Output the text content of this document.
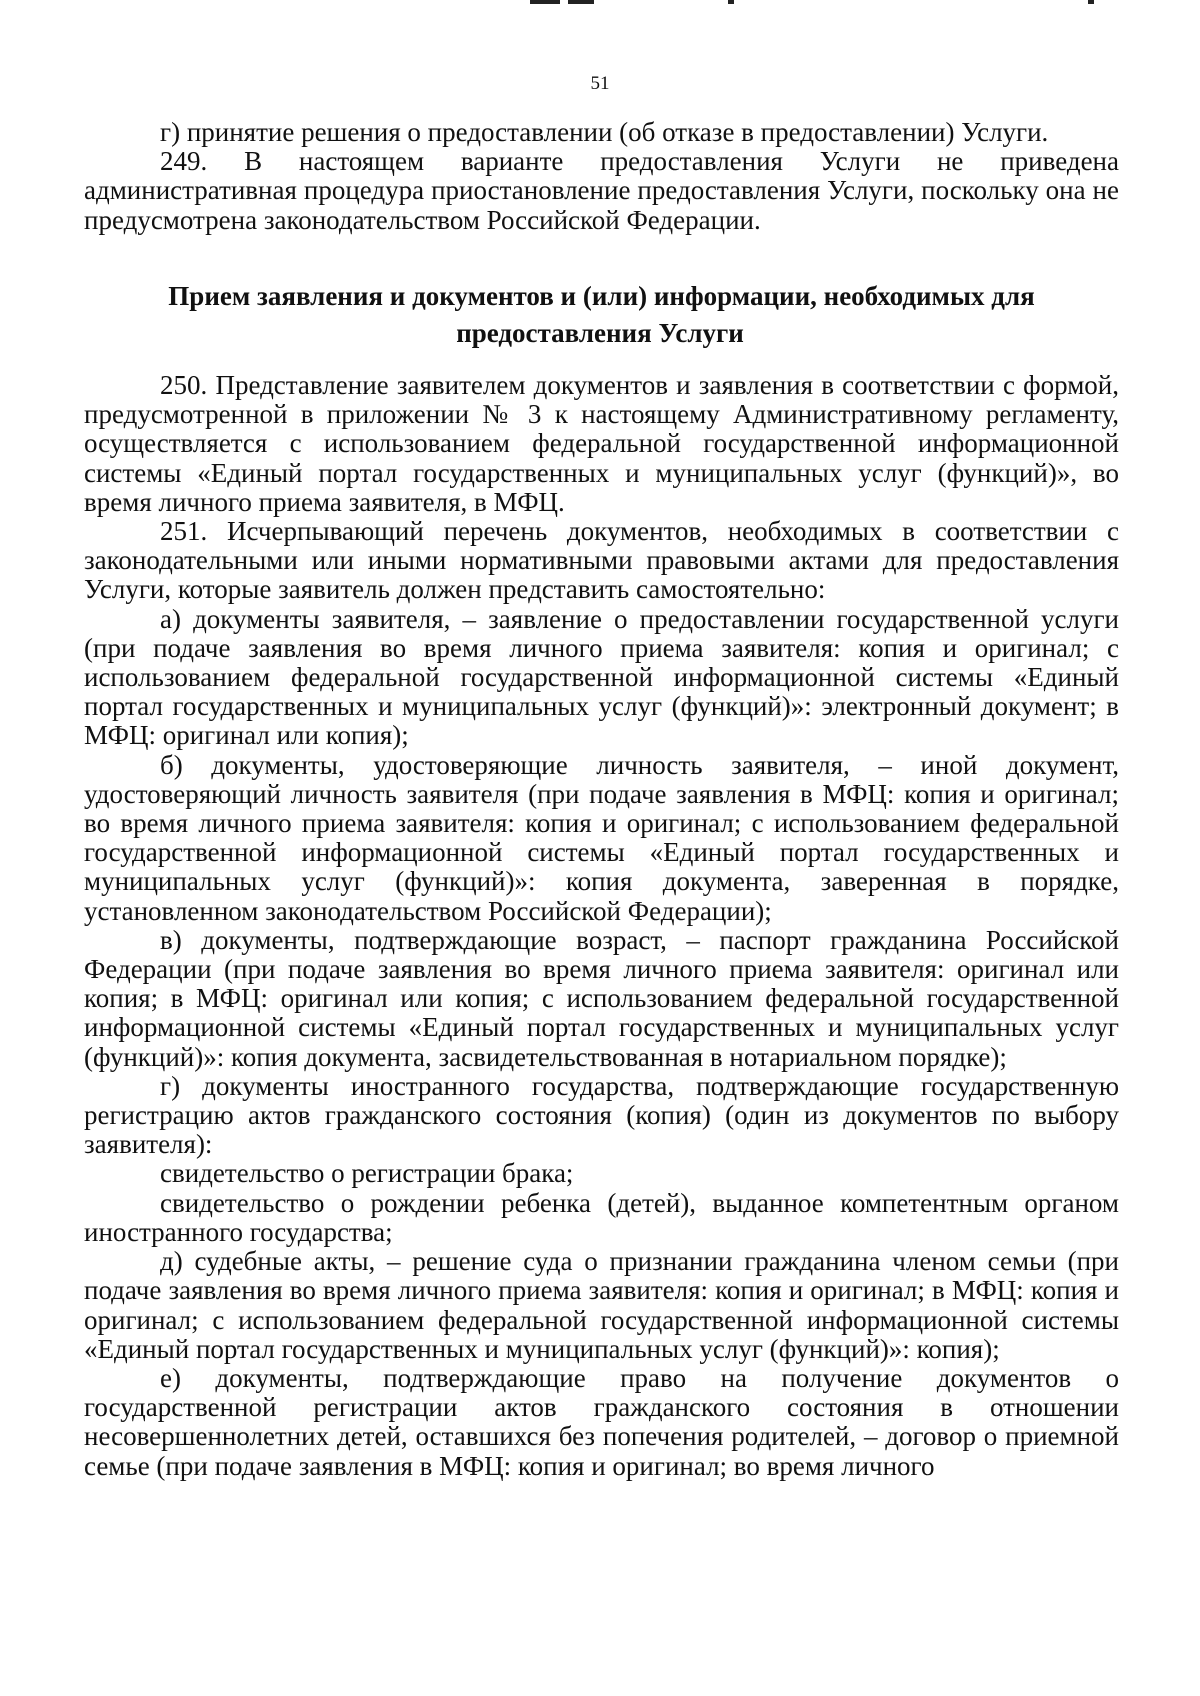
51

г) принятие решения о предоставлении (об отказе в предоставлении) Услуги.

249. В настоящем варианте предоставления Услуги не приведена административная процедура приостановление предоставления Услуги, поскольку она не предусмотрена законодательством Российской Федерации.

Прием заявления и документов и (или) информации, необходимых для
предоставления Услуги

250. Представление заявителем документов и заявления в соответствии с формой, предусмотренной в приложении № 3 к настоящему Административному регламенту, осуществляется с использованием федеральной государственной информационной системы «Единый портал государственных и муниципальных услуг (функций)», во время личного приема заявителя, в МФЦ.

251. Исчерпывающий перечень документов, необходимых в соответствии с законодательными или иными нормативными правовыми актами для предоставления Услуги, которые заявитель должен представить самостоятельно:

а) документы заявителя, – заявление о предоставлении государственной услуги (при подаче заявления во время личного приема заявителя: копия и оригинал; с использованием федеральной государственной информационной системы «Единый портал государственных и муниципальных услуг (функций)»: электронный документ; в МФЦ: оригинал или копия);

б) документы, удостоверяющие личность заявителя, – иной документ, удостоверяющий личность заявителя (при подаче заявления в МФЦ: копия и оригинал; во время личного приема заявителя: копия и оригинал; с использованием федеральной государственной информационной системы «Единый портал государственных и муниципальных услуг (функций)»: копия документа, заверенная в порядке, установленном законодательством Российской Федерации);

в) документы, подтверждающие возраст, – паспорт гражданина Российской Федерации (при подаче заявления во время личного приема заявителя: оригинал или копия; в МФЦ: оригинал или копия; с использованием федеральной государственной информационной системы «Единый портал государственных и муниципальных услуг (функций)»: копия документа, засвидетельствованная в нотариальном порядке);

г) документы иностранного государства, подтверждающие государственную регистрацию актов гражданского состояния (копия) (один из документов по выбору заявителя):

свидетельство о регистрации брака;

свидетельство о рождении ребенка (детей), выданное компетентным органом иностранного государства;

д) судебные акты, – решение суда о признании гражданина членом семьи (при подаче заявления во время личного приема заявителя: копия и оригинал; в МФЦ: копия и оригинал; с использованием федеральной государственной информационной системы «Единый портал государственных и муниципальных услуг (функций)»: копия);

е) документы, подтверждающие право на получение документов о государственной регистрации актов гражданского состояния в отношении несовершеннолетних детей, оставшихся без попечения родителей, – договор о приемной семье (при подаче заявления в МФЦ: копия и оригинал; во время личного
